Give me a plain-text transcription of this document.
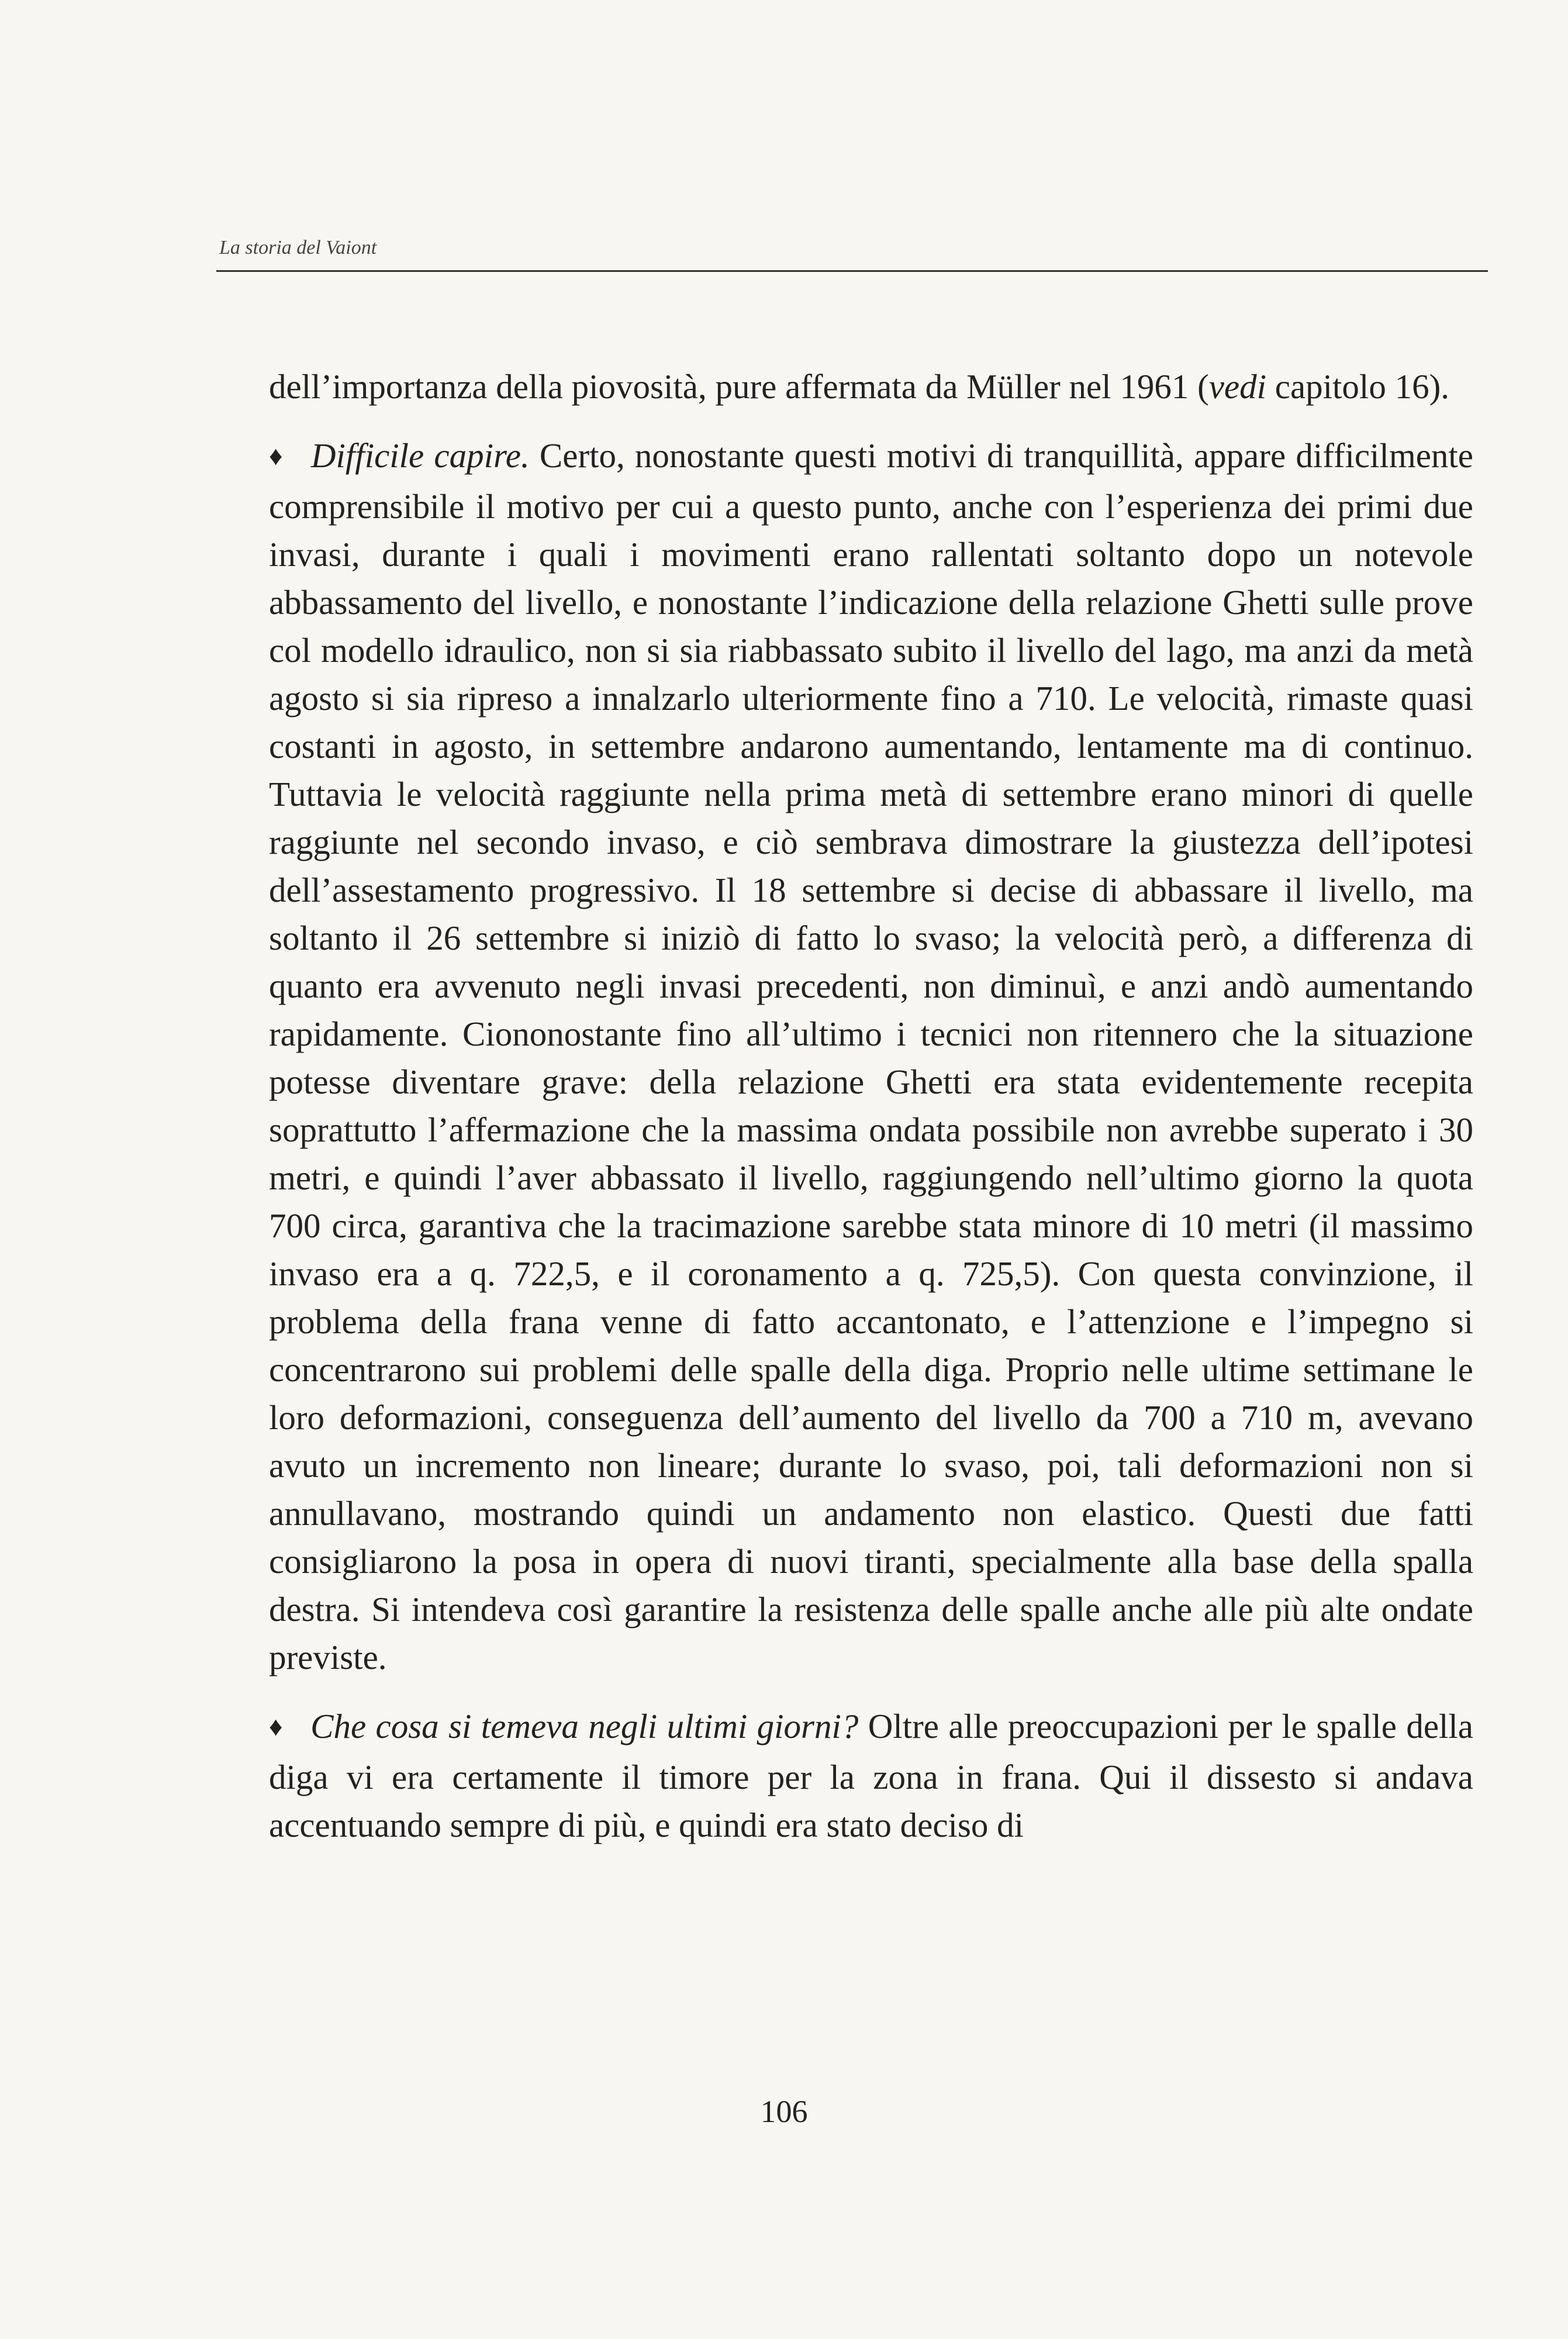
La storia del Vaiont

dell’importanza della piovosità, pure affermata da Müller nel 1961 (vedi capitolo 16).

♦ Difficile capire. Certo, nonostante questi motivi di tranquillità, appare difficilmente comprensibile il motivo per cui a questo punto, anche con l’esperienza dei primi due invasi, durante i quali i movimenti erano rallentati soltanto dopo un notevole abbassamento del livello, e nonostante l’indicazione della relazione Ghetti sulle prove col modello idraulico, non si sia riabbassato subito il livello del lago, ma anzi da metà agosto si sia ripreso a innalzarlo ulteriormente fino a 710. Le velocità, rimaste quasi costanti in agosto, in settembre andarono aumentando, lentamente ma di continuo. Tuttavia le velocità raggiunte nella prima metà di settembre erano minori di quelle raggiunte nel secondo invaso, e ciò sembrava dimostrare la giustezza dell’ipotesi dell’assestamento progressivo. Il 18 settembre si decise di abbassare il livello, ma soltanto il 26 settembre si iniziò di fatto lo svaso; la velocità però, a differenza di quanto era avvenuto negli invasi precedenti, non diminuì, e anzi andò aumentando rapidamente. Ciononostante fino all’ultimo i tecnici non ritennero che la situazione potesse diventare grave: della relazione Ghetti era stata evidentemente recepita soprattutto l’affermazione che la massima ondata possibile non avrebbe superato i 30 metri, e quindi l’aver abbassato il livello, raggiungendo nell’ultimo giorno la quota 700 circa, garantiva che la tracimazione sarebbe stata minore di 10 metri (il massimo invaso era a q. 722,5, e il coronamento a q. 725,5). Con questa convinzione, il problema della frana venne di fatto accantonato, e l’attenzione e l’impegno si concentrarono sui problemi delle spalle della diga. Proprio nelle ultime settimane le loro deformazioni, conseguenza dell’aumento del livello da 700 a 710 m, avevano avuto un incremento non lineare; durante lo svaso, poi, tali deformazioni non si annullavano, mostrando quindi un andamento non elastico. Questi due fatti consigliarono la posa in opera di nuovi tiranti, specialmente alla base della spalla destra. Si intendeva così garantire la resistenza delle spalle anche alle più alte ondate previste.

♦ Che cosa si temeva negli ultimi giorni? Oltre alle preoccupazioni per le spalle della diga vi era certamente il timore per la zona in frana. Qui il dissesto si andava accentuando sempre di più, e quindi era stato deciso di

106
